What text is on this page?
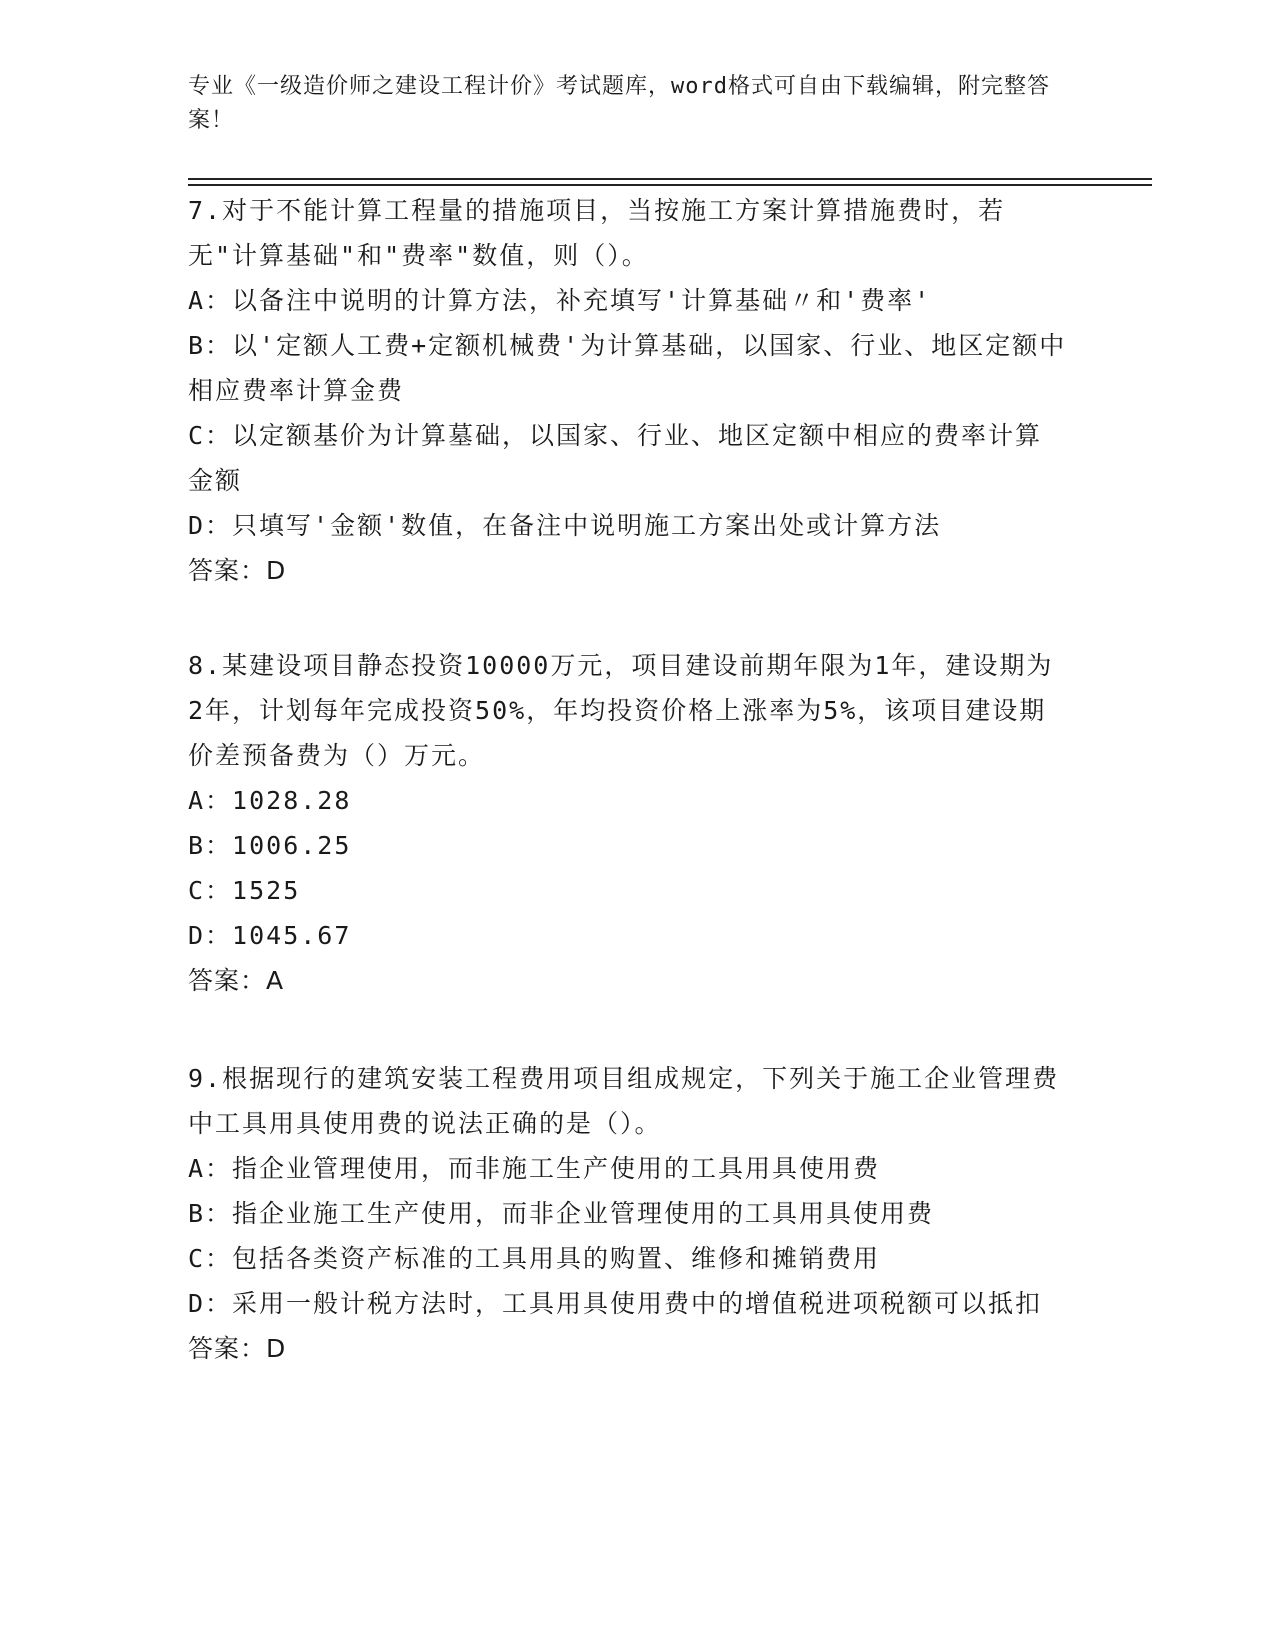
专业《一级造价师之建设工程计价》考试题库，word格式可自由下载编辑，附完整答案！

7.对于不能计算工程量的措施项目，当按施工方案计算措施费时，若无"计算基础"和"费率"数值，则（）。

A：以备注中说明的计算方法，补充填写'计算基础〃和'费率'

B：以'定额人工费+定额机械费'为计算基础，以国家、行业、地区定额中相应费率计算金费

C：以定额基价为计算墓础，以国家、行业、地区定额中相应的费率计算金额

D：只填写'金额'数值，在备注中说明施工方案出处或计算方法

答案：D

8.某建设项目静态投资10000万元，项目建设前期年限为1年，建设期为2年，计划每年完成投资50%，年均投资价格上涨率为5%，该项目建设期价差预备费为（）万元。

A：1028.28

B：1006.25

C：1525

D：1045.67

答案：A

9.根据现行的建筑安装工程费用项目组成规定，下列关于施工企业管理费中工具用具使用费的说法正确的是（）。

A：指企业管理使用，而非施工生产使用的工具用具使用费

B：指企业施工生产使用，而非企业管理使用的工具用具使用费

C：包括各类资产标准的工具用具的购置、维修和摊销费用

D：采用一般计税方法时，工具用具使用费中的增值税进项税额可以抵扣

答案：D
